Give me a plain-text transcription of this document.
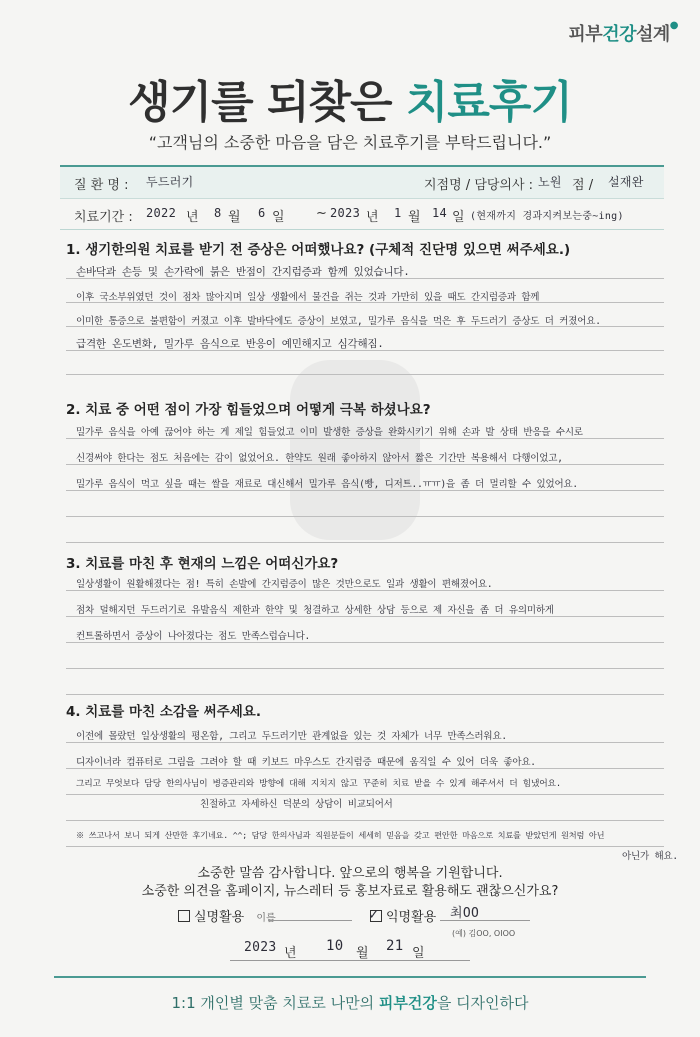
피부건강설계●
생기를 되찾은 치료후기
“고객님의 소중한 마음을 담은 치료후기를 부탁드립니다.”
질 환 명 : 두드러기	지점명 / 담당의사 : 노원 점 / 설재완
치료기간 : 2022 년 8 월 6 일 ~ 2023 년 1 월 14 일 (현재까지 경과지켜보는중~ing)
1. 생기한의원 치료를 받기 전 증상은 어떠했나요? (구체적 진단명 있으면 써주세요.)
손바닥과 손등 및 손가락에 붉은 반점이 간지럼증과 함께 있었습니다.
이후 국소부위였던 것이 점차 많아지며 일상 생활에서 물건을 쥐는 것과 가만히 있을 때도 간지럼증과 함께
이미한 통증으로 불편함이 커졌고 이후 발바닥에도 증상이 보였고, 밀가루 음식을 먹은 후 두드러기 증상도 더 커졌어요.
급격한 온도변화, 밀가루 음식으로 반응이 예민해지고 심각해짐.
2. 치료 중 어떤 점이 가장 힘들었으며 어떻게 극복 하셨나요?
밀가루 음식을 아예 끊어야 하는 게 제일 힘들었고 이미 발생한 증상을 완화시키기 위해 손과 발 상태 반응을 수시로
신경써야 한다는 점도 처음에는 감이 없었어요. 한약도 원래 좋아하지 않아서 짧은 기간만 복용해서 다행이었고,
밀가루 음식이 먹고 싶을 때는 쌀을 재료로 대신해서 밀가루 음식(빵, 디저트..ㅠㅠ)을 좀 더 멀리할 수 있었어요.
3. 치료를 마친 후 현재의 느낌은 어떠신가요?
일상생활이 원활해졌다는 점! 특히 손발에 간지럼증이 많은 것만으로도 일과 생활이 편해졌어요.
점차 덜해지던 두드러기로 유발음식 제한과 한약 및 청결하고 상세한 상담 등으로 제 자신을 좀 더 유의미하게
컨트롤하면서 증상이 나아졌다는 점도 만족스럽습니다.
4. 치료를 마친 소감을 써주세요.
이전에 몰랐던 일상생활의 평온함, 그리고 두드러기만 관계없을 있는 것 자체가 너무 만족스러워요.
디자이너라 컴퓨터로 그림을 그려야 할 때 키보드 마우스도 간지럼증 때문에 움직일 수 있어 더욱 좋아요.
그리고 무엇보다 담당 한의사님이 병증관리와 방향에 대해 지치지 않고 꾸준히 치료 받을 수 있게 해주셔서 더 힘냈어요.
친절하고 자세하신 덕분의 상담이 비교되어서
※ 쓰고나서 보니 되게 산만한 후기네요. ^^; 담당 한의사님과 직원분들이 세세히 믿음을 갖고 편안한 마음으로 치료를 받았던게 원처럼 아닌
아닌가 해요.
소중한 말씀 감사합니다. 앞으로의 행복을 기원합니다.
소중한 의견을 홈페이지, 뉴스레터 등 홍보자료로 활용해도 괜찮으신가요?
실명활용 이름	✓ 익명활용 최OO
(예) 김OO, OIOO
2023 년 10 월 21 일
1:1 개인별 맞춤 치료로 나만의 피부건강을 디자인하다
